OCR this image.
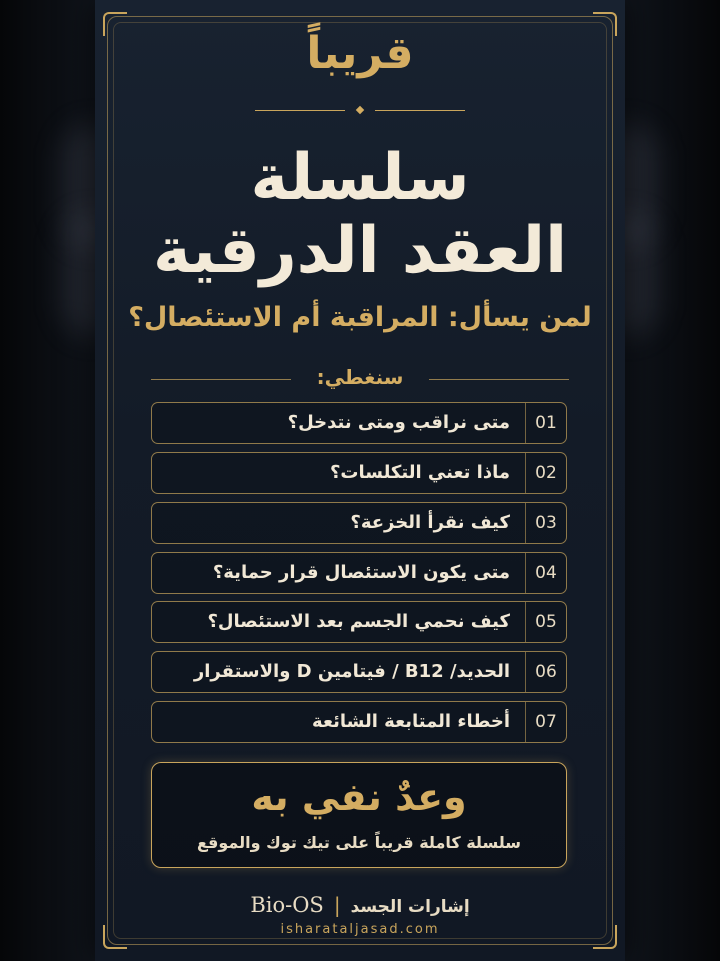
قريباً
سلسلة
العقد الدرقية
لمن يسأل: المراقبة أم الاستئصال؟
سنغطي:
01
متى نراقب ومتى نتدخل؟
02
ماذا تعني التكلسات؟
03
كيف نقرأ الخزعة؟
04
متى يكون الاستئصال قرار حماية؟
05
كيف نحمي الجسم بعد الاستئصال؟
06
الحديد/ B12 / فيتامين D والاستقرار
07
أخطاء المتابعة الشائعة
وعدٌ نفي به
سلسلة كاملة قريباً على تيك توك والموقع
Bio-OS | إشارات الجسد
isharataljasad.com
